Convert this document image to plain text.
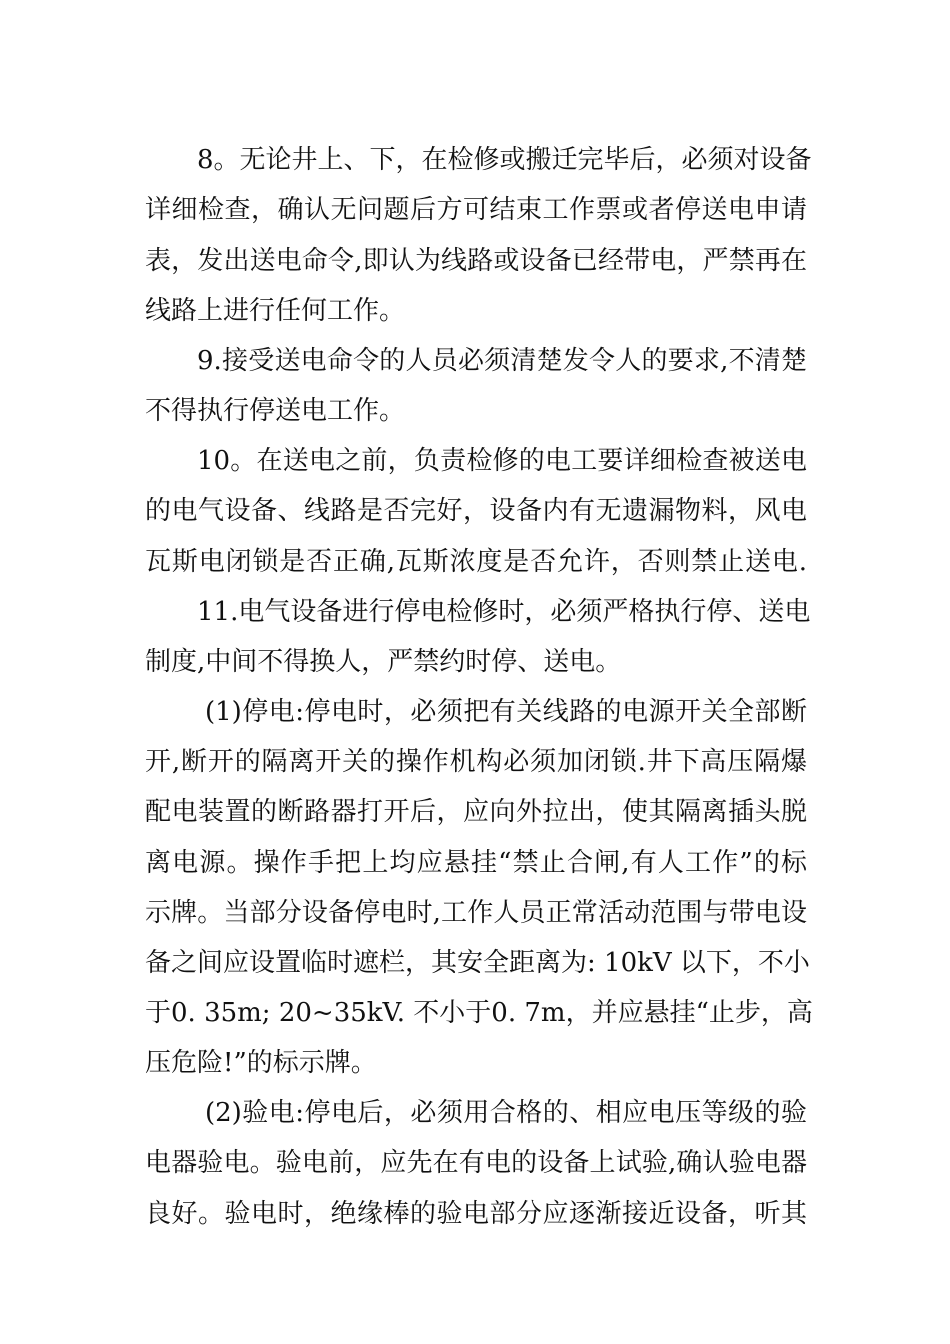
8。无论井上、下，在检修或搬迁完毕后，必须对设备
详细检查，确认无问题后方可结束工作票或者停送电申请
表，发出送电命令,即认为线路或设备已经带电，严禁再在
线路上进行任何工作。
9.接受送电命令的人员必须清楚发令人的要求,不清楚
不得执行停送电工作。
10。在送电之前，负责检修的电工要详细检查被送电
的电气设备、线路是否完好，设备内有无遗漏物料，风电
瓦斯电闭锁是否正确,瓦斯浓度是否允许，否则禁止送电.
11.电气设备进行停电检修时，必须严格执行停、送电
制度,中间不得换人，严禁约时停、送电。
(1)停电:停电时，必须把有关线路的电源开关全部断
开,断开的隔离开关的操作机构必须加闭锁.井下高压隔爆
配电装置的断路器打开后，应向外拉出，使其隔离插头脱
离电源。操作手把上均应悬挂“禁止合闸,有人工作”的标
示牌。当部分设备停电时,工作人员正常活动范围与带电设
备之间应设置临时遮栏，其安全距离为: 10kV 以下，不小
于0. 35m; 20~35kV. 不小于0. 7m，并应悬挂“止步，高
压危险!”的标示牌。
(2)验电:停电后，必须用合格的、相应电压等级的验
电器验电。验电前，应先在有电的设备上试验,确认验电器
良好。验电时，绝缘棒的验电部分应逐渐接近设备，听其
